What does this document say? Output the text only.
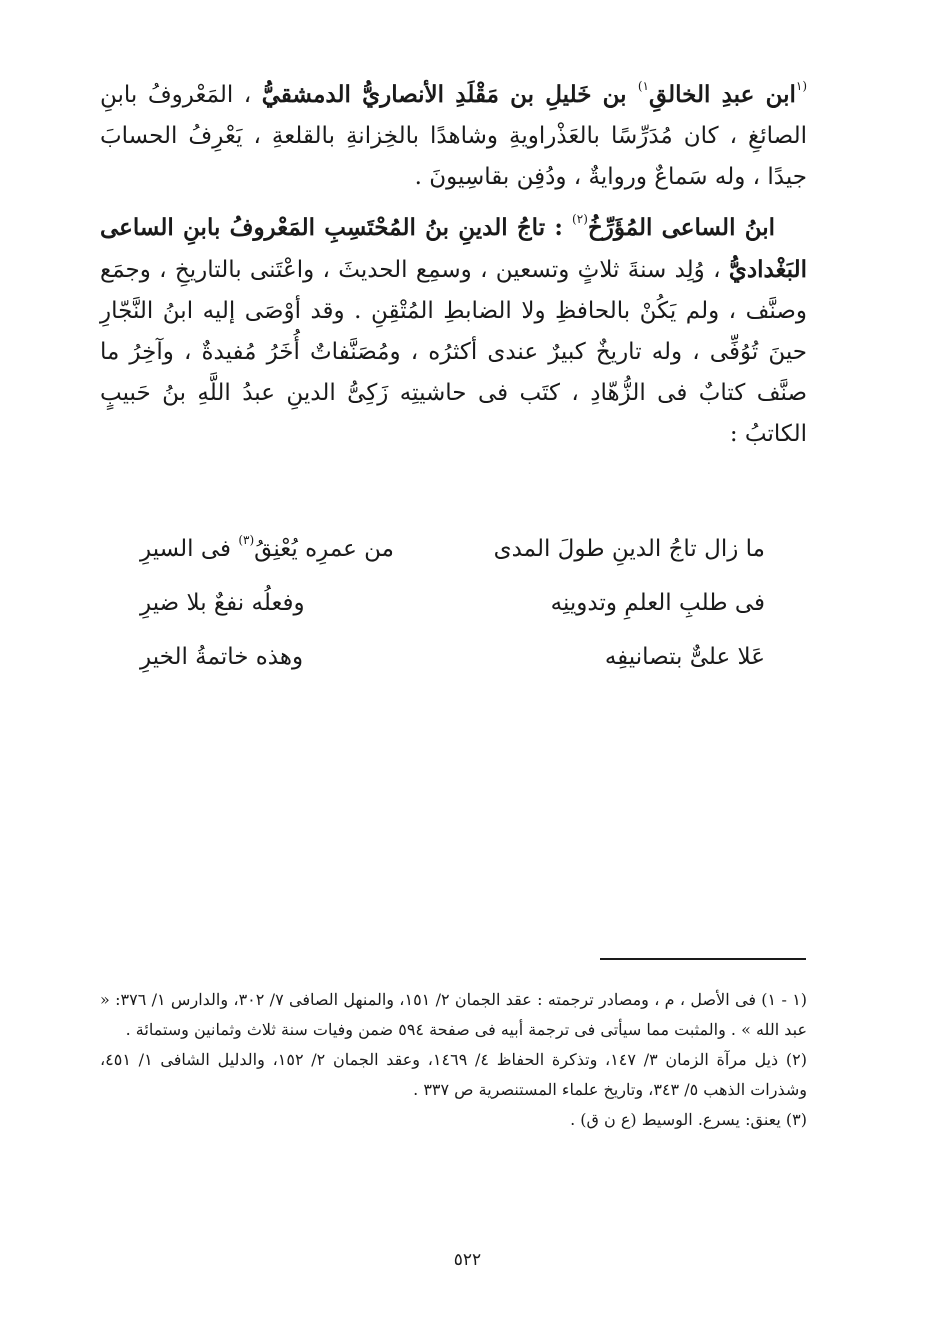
$^{(١}$ابن عبدِ الخالقِ$^{١)}$ بن خَليلِ بن مَقْلَدِ الأنصاريُّ الدمشقيُّ ، المَعْروفُ بابنِ الصائغِ ، كان مُدَرِّسًا بالعَذْراويةِ وشاهدًا بالخِزانةِ بالقلعةِ ، يَعْرِفُ الحسابَ جيدًا ، وله سَماعٌ وروايةٌ ، ودُفِن بقاسِيونَ .

ابنُ الساعى المُؤَرِّخُ$^{(٢)}$ : تاجُ الدينِ بنُ المُحْتَسِبِ المَعْروفُ بابنِ الساعى البَغْداديُّ ، وُلِد سنةَ ثلاثٍ وتسعين ، وسمِع الحديثَ ، واعْتَنى بالتاريخِ ، وجمَع وصنَّف ، ولم يَكُنْ بالحافظِ ولا الضابطِ المُتْقِنِ . وقد أوْصَى إليه ابنُ النَّجّارِ حينَ تُوُفِّى ، وله تاريخٌ كبيرٌ عندى أكثرُه ، ومُصَنَّفاتٌ أُخَرُ مُفيدةٌ ، وآخِرُ ما صنَّف كتابٌ فى الزُّهّادِ ، كتَب فى حاشيتِه زَكِىُّ الدينِ عبدُ اللَّهِ بنُ حَبيبٍ الكاتبُ :

ما زال تاجُ الدينِ طولَ المدى
من عمرِه يُعْنِقُ$^{(٣)}$ فى السيرِ
فى طلبِ العلمِ وتدوينِه
وفعلُه نفعٌ بلا ضيرِ
عَلا علىٌّ بتصانيفِه
وهذه خاتمةُ الخيرِ

(١ - ١) فى الأصل ، م ، ومصادر ترجمته : عقد الجمان ٢/ ١٥١، والمنهل الصافى ٧/ ٣٠٢، والدارس ١/ ٣٧٦: « عبد الله » . والمثبت مما سيأتى فى ترجمة أبيه فى صفحة ٥٩٤ ضمن وفيات سنة ثلاث وثمانين وستمائة .

(٢) ذيل مرآة الزمان ٣/ ١٤٧، وتذكرة الحفاظ ٤/ ١٤٦٩، وعقد الجمان ٢/ ١٥٢، والدليل الشافى ١/ ٤٥١، وشذرات الذهب ٥/ ٣٤٣، وتاريخ علماء المستنصرية ص ٣٣٧ .

(٣) يعنق: يسرع. الوسيط (ع ن ق) .

٥٢٢
